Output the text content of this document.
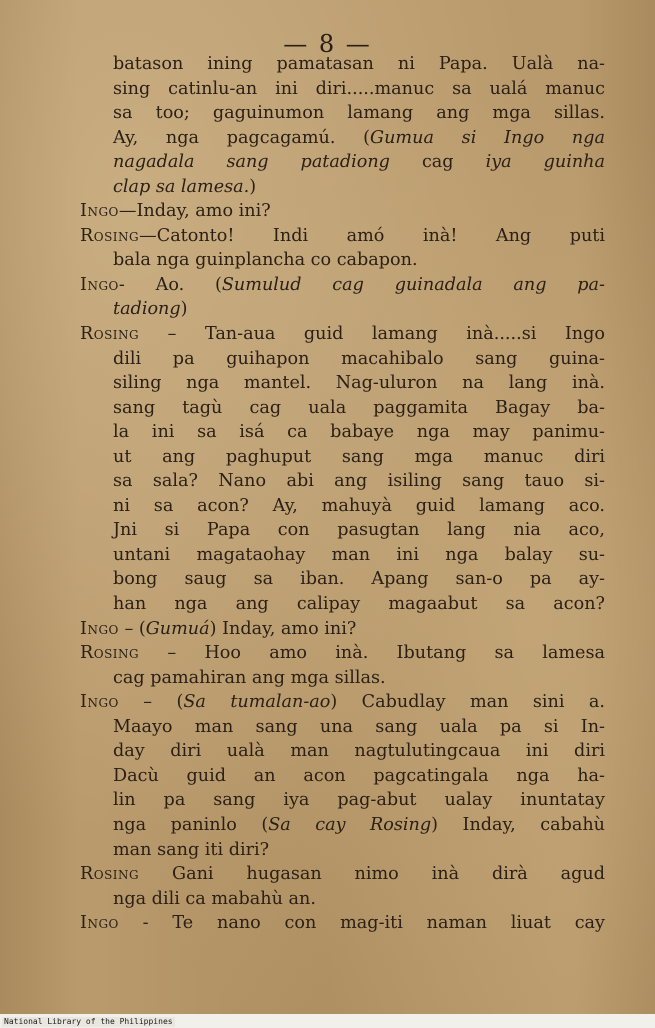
— 8 —
batason ining pamatasan ni Papa. Ualà na-
sing catinlu-an ini diri.....manuc sa ualá manuc
sa too; gaguinumon lamang ang mga sillas.
Ay, nga pagcagamú. (Gumua si Ingo nga
nagadala sang patadiong cag iya guinha
clap sa lamesa.)
Ingo—Inday, amo ini?
Rosing—Catonto! Indi amó inà! Ang puti
bala nga guinplancha co cabapon.
Ingo- Ao. (Sumulud cag guinadala ang pa-
tadiong)
Rosing – Tan-aua guid lamang inà.....si Ingo
dili pa guihapon macahibalo sang guina-
siling nga mantel. Nag-uluron na lang inà.
sang tagù cag uala paggamita Bagay ba-
la ini sa isá ca babaye nga may panimu-
ut ang paghuput sang mga manuc diri
sa sala? Nano abi ang isiling sang tauo si-
ni sa acon? Ay, mahuyà guid lamang aco.
Jni si Papa con pasugtan lang nia aco,
untani magataohay man ini nga balay su-
bong saug sa iban. Apang san-o pa ay-
han nga ang calipay magaabut sa acon?
Ingo – (Gumuá) Inday, amo ini?
Rosing – Hoo amo inà. Ibutang sa lamesa
cag pamahiran ang mga sillas.
Ingo – (Sa tumalan-ao) Cabudlay man sini a.
Maayo man sang una sang uala pa si In-
day diri ualà man nagtulutingcaua ini diri
Dacù guid an acon pagcatingala nga ha-
lin pa sang iya pag-abut ualay inuntatay
nga paninlo (Sa cay Rosing) Inday, cabahù
man sang iti diri?
Rosing Gani hugasan nimo inà dirà agud
nga dili ca mabahù an.
Ingo - Te nano con mag-iti naman liuat cay
National Library of the Philippines
